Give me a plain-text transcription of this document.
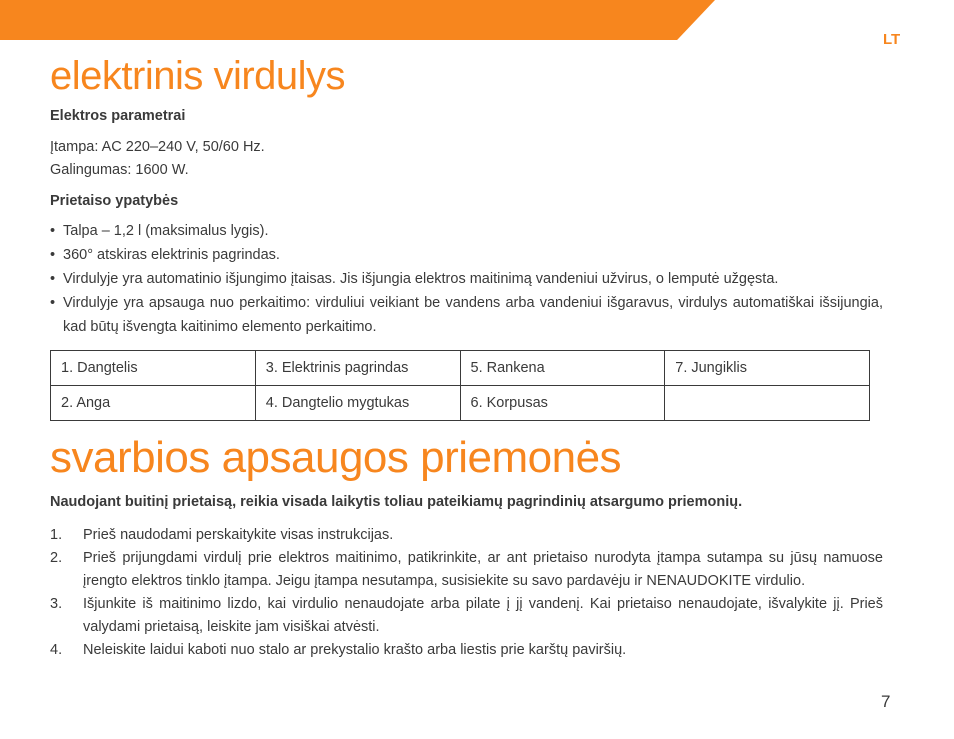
LT
elektrinis virdulys

Elektros parametrai

Įtampa: AC 220–240 V, 50/60 Hz.

Galingumas: 1600 W.

Prietaiso ypatybės

• Talpa – 1,2 l (maksimalus lygis).
• 360° atskiras elektrinis pagrindas.
• Virdulyje yra automatinio išjungimo įtaisas. Jis išjungia elektros maitinimą vandeniui užvirus, o lemputė užgęsta.
• Virdulyje yra apsauga nuo perkaitimo: virduliui veikiant be vandens arba vandeniui išgaravus, virdulys automatiškai išsijungia, kad būtų išvengta kaitinimo elemento perkaitimo.
1. Dangtelis	3. Elektrinis pagrindas	5. Rankena	7. Jungiklis
2. Anga	4. Dangtelio mygtukas	6. Korpusas	
svarbios apsaugos priemonės

Naudojant buitinį prietaisą, reikia visada laikytis toliau pateikiamų pagrindinių atsargumo priemonių.

1. Prieš naudodami perskaitykite visas instrukcijas.
2. Prieš prijungdami virdulį prie elektros maitinimo, patikrinkite, ar ant prietaiso nurodyta įtampa sutampa su jūsų namuose įrengto elektros tinklo įtampa. Jeigu įtampa nesutampa, susisiekite su savo pardavėju ir NENAUDOKITE virdulio.
3. Išjunkite iš maitinimo lizdo, kai virdulio nenaudojate arba pilate į jį vandenį. Kai prietaiso nenaudojate, išvalykite jį. Prieš valydami prietaisą, leiskite jam visiškai atvėsti.
4. Neleiskite laidui kaboti nuo stalo ar prekystalio krašto arba liestis prie karštų paviršių.
7
